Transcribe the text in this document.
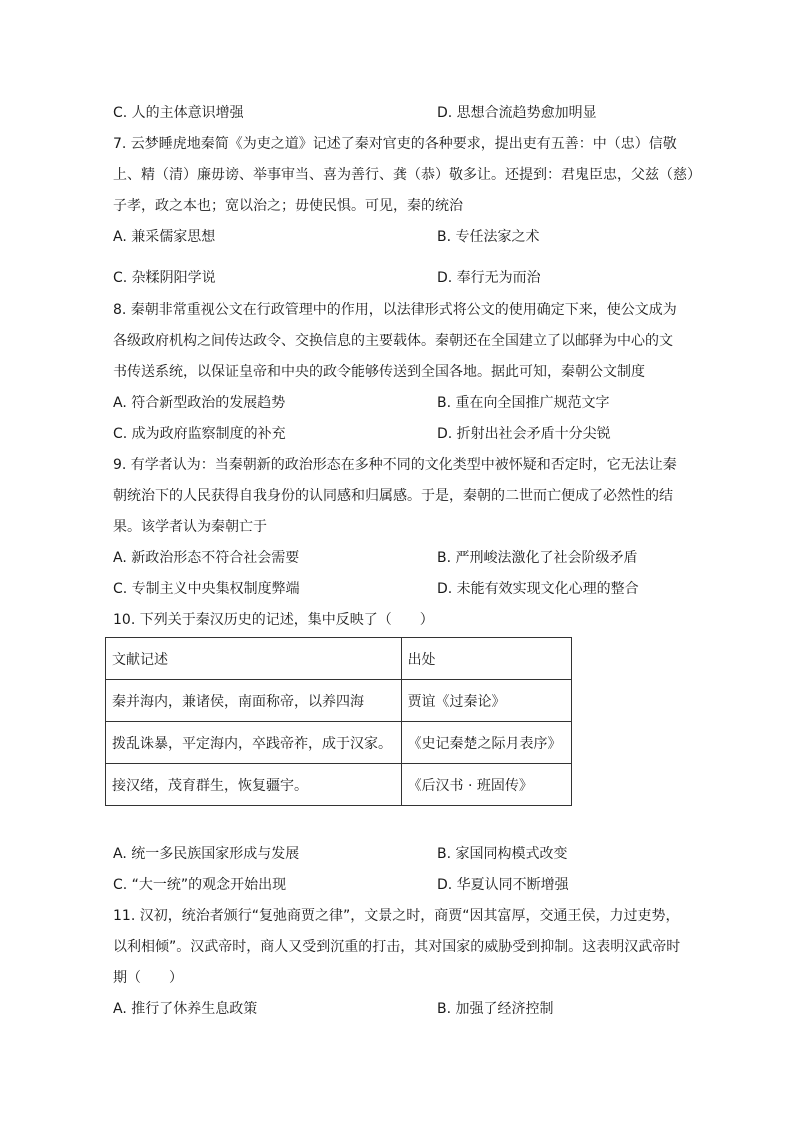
C. 人的主体意识增强	D. 思想合流趋势愈加明显
7. 云梦睡虎地秦简《为吏之道》记述了秦对官吏的各种要求，提出吏有五善：中（忠）信敬
上、精（清）廉毋谤、举事审当、喜为善行、龚（恭）敬多让。还提到：君鬼臣忠，父兹（慈）
子孝，政之本也；宽以治之；毋使民惧。可见，秦的统治
A. 兼采儒家思想	B. 专任法家之术
C. 杂糅阴阳学说	D. 奉行无为而治
8. 秦朝非常重视公文在行政管理中的作用，以法律形式将公文的使用确定下来，使公文成为
各级政府机构之间传达政令、交换信息的主要载体。秦朝还在全国建立了以邮驿为中心的文
书传送系统，以保证皇帝和中央的政令能够传送到全国各地。据此可知，秦朝公文制度
A. 符合新型政治的发展趋势	B. 重在向全国推广规范文字
C. 成为政府监察制度的补充	D. 折射出社会矛盾十分尖锐
9. 有学者认为：当秦朝新的政治形态在多种不同的文化类型中被怀疑和否定时，它无法让秦
朝统治下的人民获得自我身份的认同感和归属感。于是，秦朝的二世而亡便成了必然性的结
果。该学者认为秦朝亡于
A. 新政治形态不符合社会需要	B. 严刑峻法激化了社会阶级矛盾
C. 专制主义中央集权制度弊端	D. 未能有效实现文化心理的整合
10. 下列关于秦汉历史的记述，集中反映了（　　）
文献记述	出处
秦并海内，兼诸侯，南面称帝，以养四海	贾谊《过秦论》
拨乱诛暴，平定海内，卒践帝祚，成于汉家。	《史记秦楚之际月表序》
接汉绪，茂育群生，恢复疆宇。	《后汉书 · 班固传》
A. 统一多民族国家形成与发展	B. 家国同构模式改变
C. “大一统”的观念开始出现	D. 华夏认同不断增强
11. 汉初，统治者颁行“复弛商贾之律”，文景之时，商贾“因其富厚，交通王侯，力过吏势，
以利相倾”。汉武帝时，商人又受到沉重的打击，其对国家的威胁受到抑制。这表明汉武帝时
期（　　）
A. 推行了休养生息政策	B. 加强了经济控制
